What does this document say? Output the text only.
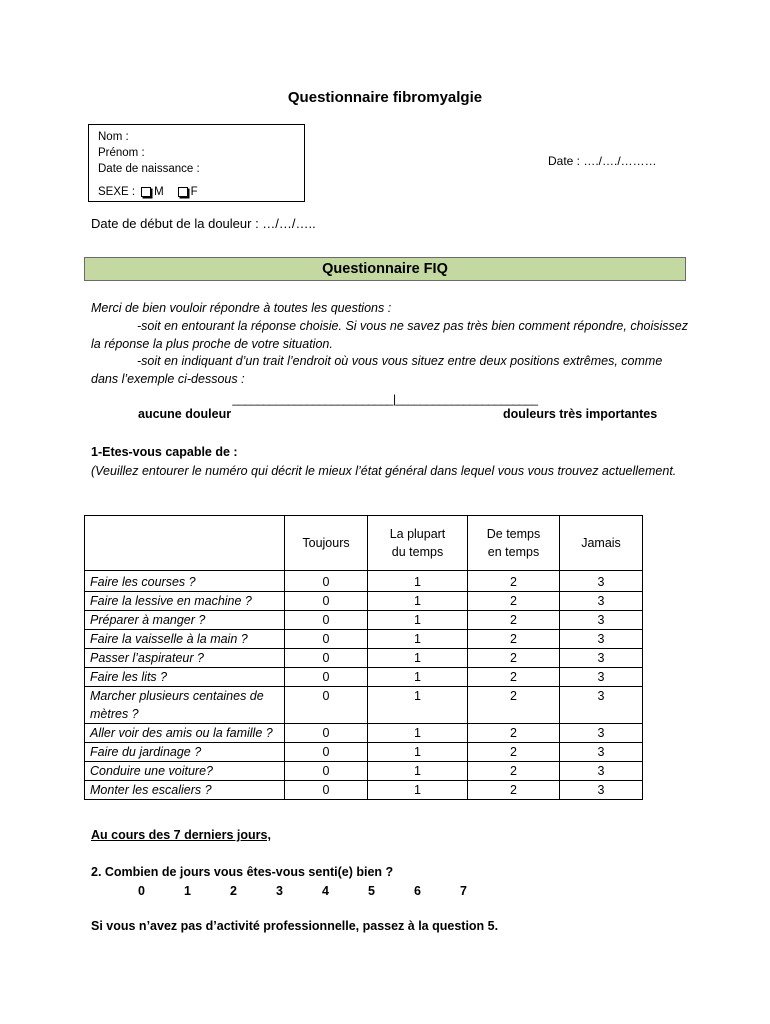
Questionnaire fibromyalgie
Nom :
Prénom :
Date de naissance :
SEXE :	M	F
Date : …./…./………
Date de début de la douleur : …/…/…..
Questionnaire FIQ

Merci de bien vouloir répondre à toutes les questions :

-soit en entourant la réponse choisie. Si vous ne savez pas très bien comment répondre, choisissez la réponse la plus proche de votre situation.

-soit en indiquant d’un trait l’endroit où vous vous situez entre deux positions extrêmes, comme dans l’exemple ci-dessous :

__________________________|_______________________
aucune douleur	douleurs très importantes
1-Etes-vous capable de :
(Veuillez entourer le numéro qui décrit le mieux l’état général dans lequel vous vous trouvez actuellement.
	Toujours	La plupart du temps	De temps en temps	Jamais
Faire les courses ?	0	1	2	3
Faire la lessive en machine ?	0	1	2	3
Préparer à manger ?	0	1	2	3
Faire la vaisselle à la main ?	0	1	2	3
Passer l’aspirateur ?	0	1	2	3
Faire les lits ?	0	1	2	3
Marcher plusieurs centaines de mètres ?	0	1	2	3
Aller voir des amis ou la famille ?	0	1	2	3
Faire du jardinage ?	0	1	2	3
Conduire une voiture?	0	1	2	3
Monter les escaliers ?	0	1	2	3
Au cours des 7 derniers jours,
2. Combien de jours vous êtes-vous senti(e) bien ?
0	1	2	3	4	5	6	7
Si vous n’avez pas d’activité professionnelle, passez à la question 5.
